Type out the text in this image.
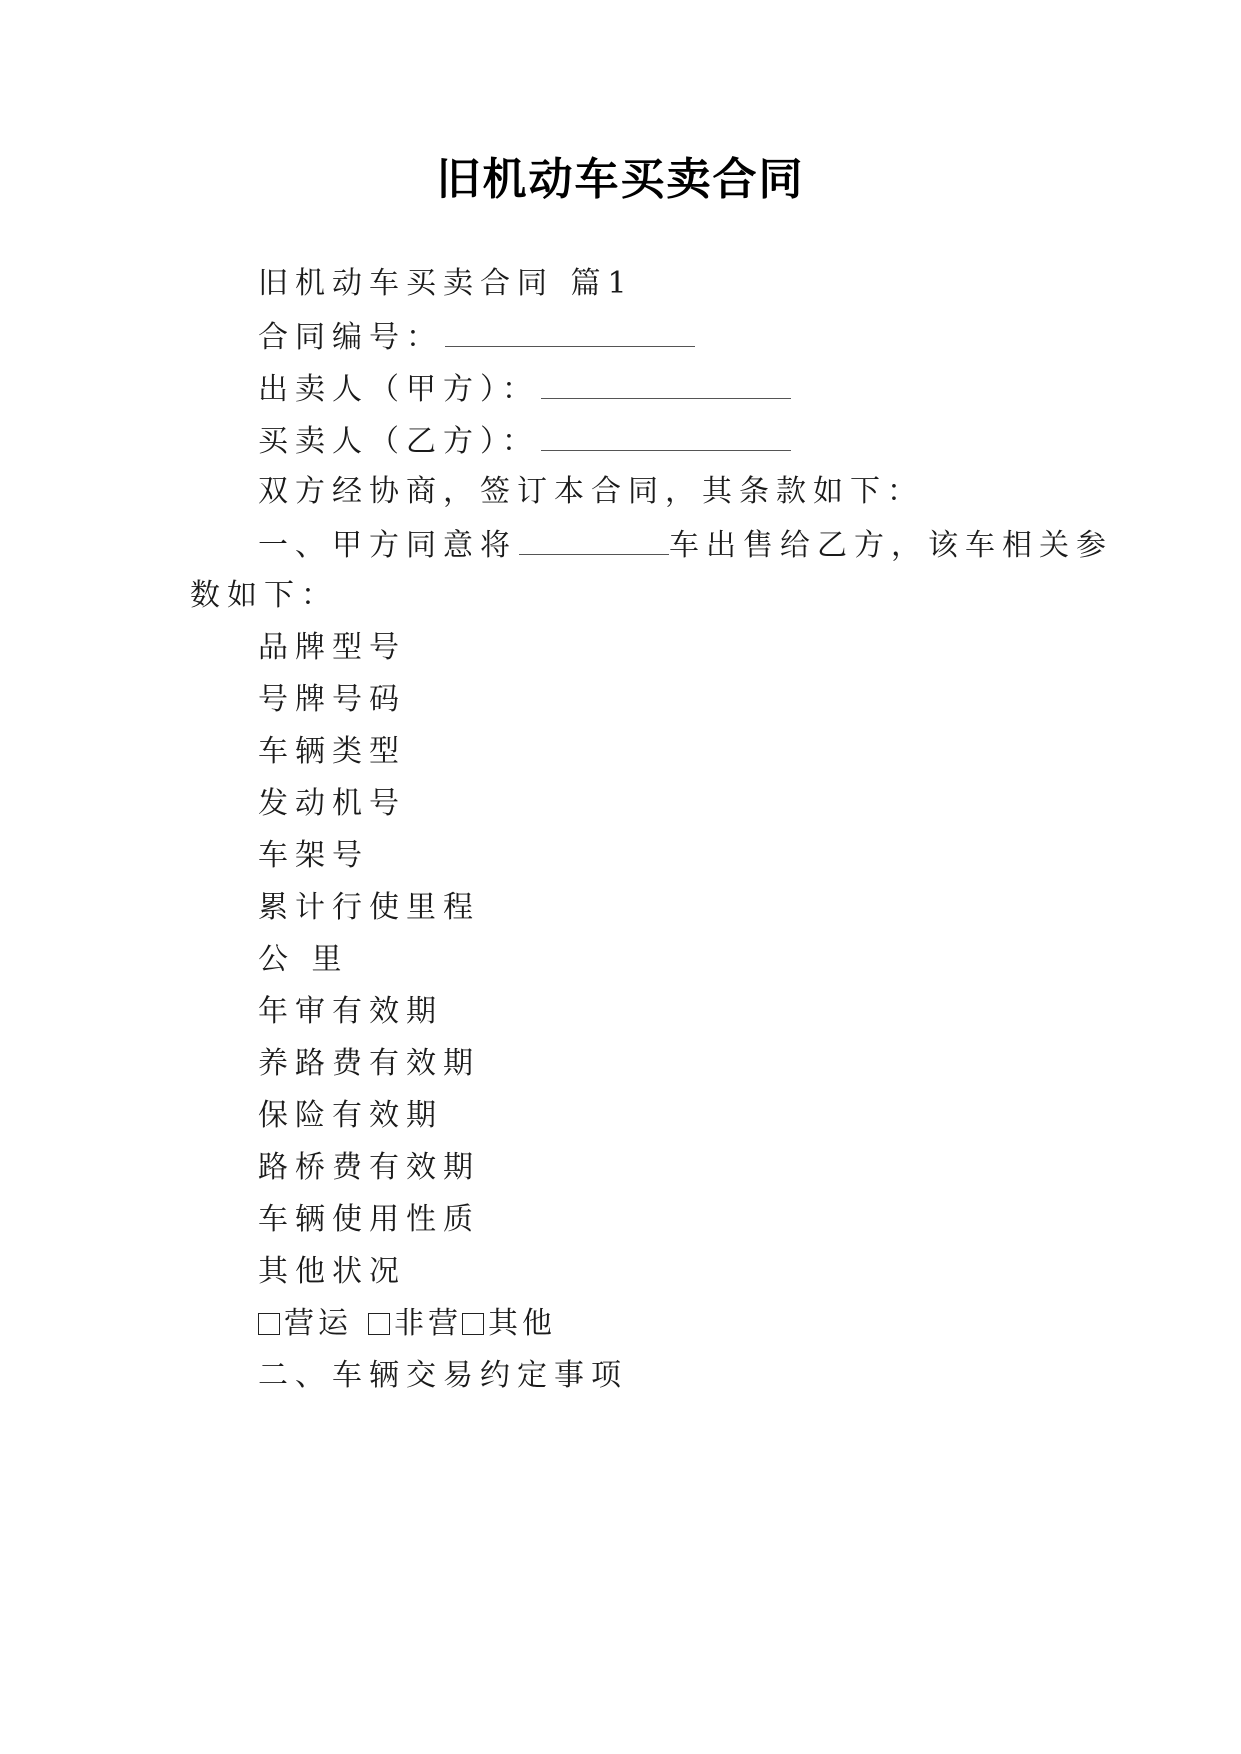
旧机动车买卖合同
旧机动车买卖合同 篇1
合同编号：
出卖人（甲方）：
买卖人（乙方）：
双方经协商，签订本合同，其条款如下：
一、甲方同意将	车出售给乙方，该车相关参
数如下：
品牌型号
号牌号码
车辆类型
发动机号
车架号
累计行使里程
公 里
年审有效期
养路费有效期
保险有效期
路桥费有效期
车辆使用性质
其他状况
营运 非营 其他
二、车辆交易约定事项
